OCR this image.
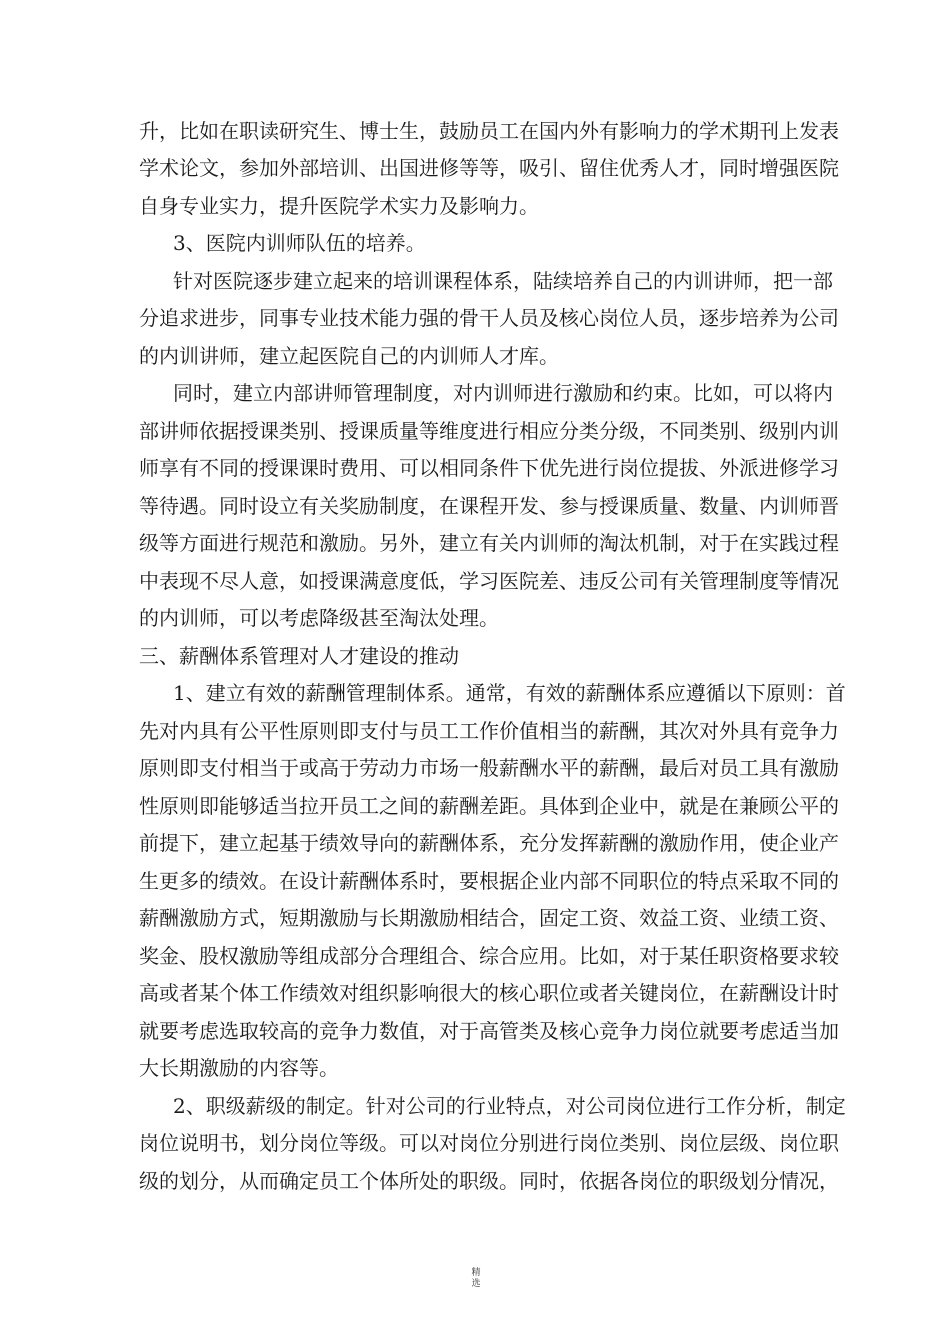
升，比如在职读研究生、博士生，鼓励员工在国内外有影响力的学术期刊上发表
学术论文，参加外部培训、出国进修等等，吸引、留住优秀人才，同时增强医院
自身专业实力，提升医院学术实力及影响力。
3、医院内训师队伍的培养。
针对医院逐步建立起来的培训课程体系，陆续培养自己的内训讲师，把一部
分追求进步，同事专业技术能力强的骨干人员及核心岗位人员，逐步培养为公司
的内训讲师，建立起医院自己的内训师人才库。
同时，建立内部讲师管理制度，对内训师进行激励和约束。比如，可以将内
部讲师依据授课类别、授课质量等维度进行相应分类分级，不同类别、级别内训
师享有不同的授课课时费用、可以相同条件下优先进行岗位提拔、外派进修学习
等待遇。同时设立有关奖励制度，在课程开发、参与授课质量、数量、内训师晋
级等方面进行规范和激励。另外，建立有关内训师的淘汰机制，对于在实践过程
中表现不尽人意，如授课满意度低，学习医院差、违反公司有关管理制度等情况
的内训师，可以考虑降级甚至淘汰处理。
三、薪酬体系管理对人才建设的推动
1、建立有效的薪酬管理制体系。通常，有效的薪酬体系应遵循以下原则：首
先对内具有公平性原则即支付与员工工作价值相当的薪酬，其次对外具有竞争力
原则即支付相当于或高于劳动力市场一般薪酬水平的薪酬，最后对员工具有激励
性原则即能够适当拉开员工之间的薪酬差距。具体到企业中，就是在兼顾公平的
前提下，建立起基于绩效导向的薪酬体系，充分发挥薪酬的激励作用，使企业产
生更多的绩效。在设计薪酬体系时，要根据企业内部不同职位的特点采取不同的
薪酬激励方式，短期激励与长期激励相结合，固定工资、效益工资、业绩工资、
奖金、股权激励等组成部分合理组合、综合应用。比如，对于某任职资格要求较
高或者某个体工作绩效对组织影响很大的核心职位或者关键岗位，在薪酬设计时
就要考虑选取较高的竞争力数值，对于高管类及核心竞争力岗位就要考虑适当加
大长期激励的内容等。
2、职级薪级的制定。针对公司的行业特点，对公司岗位进行工作分析，制定
岗位说明书，划分岗位等级。可以对岗位分别进行岗位类别、岗位层级、岗位职
级的划分，从而确定员工个体所处的职级。同时，依据各岗位的职级划分情况，
精
选
